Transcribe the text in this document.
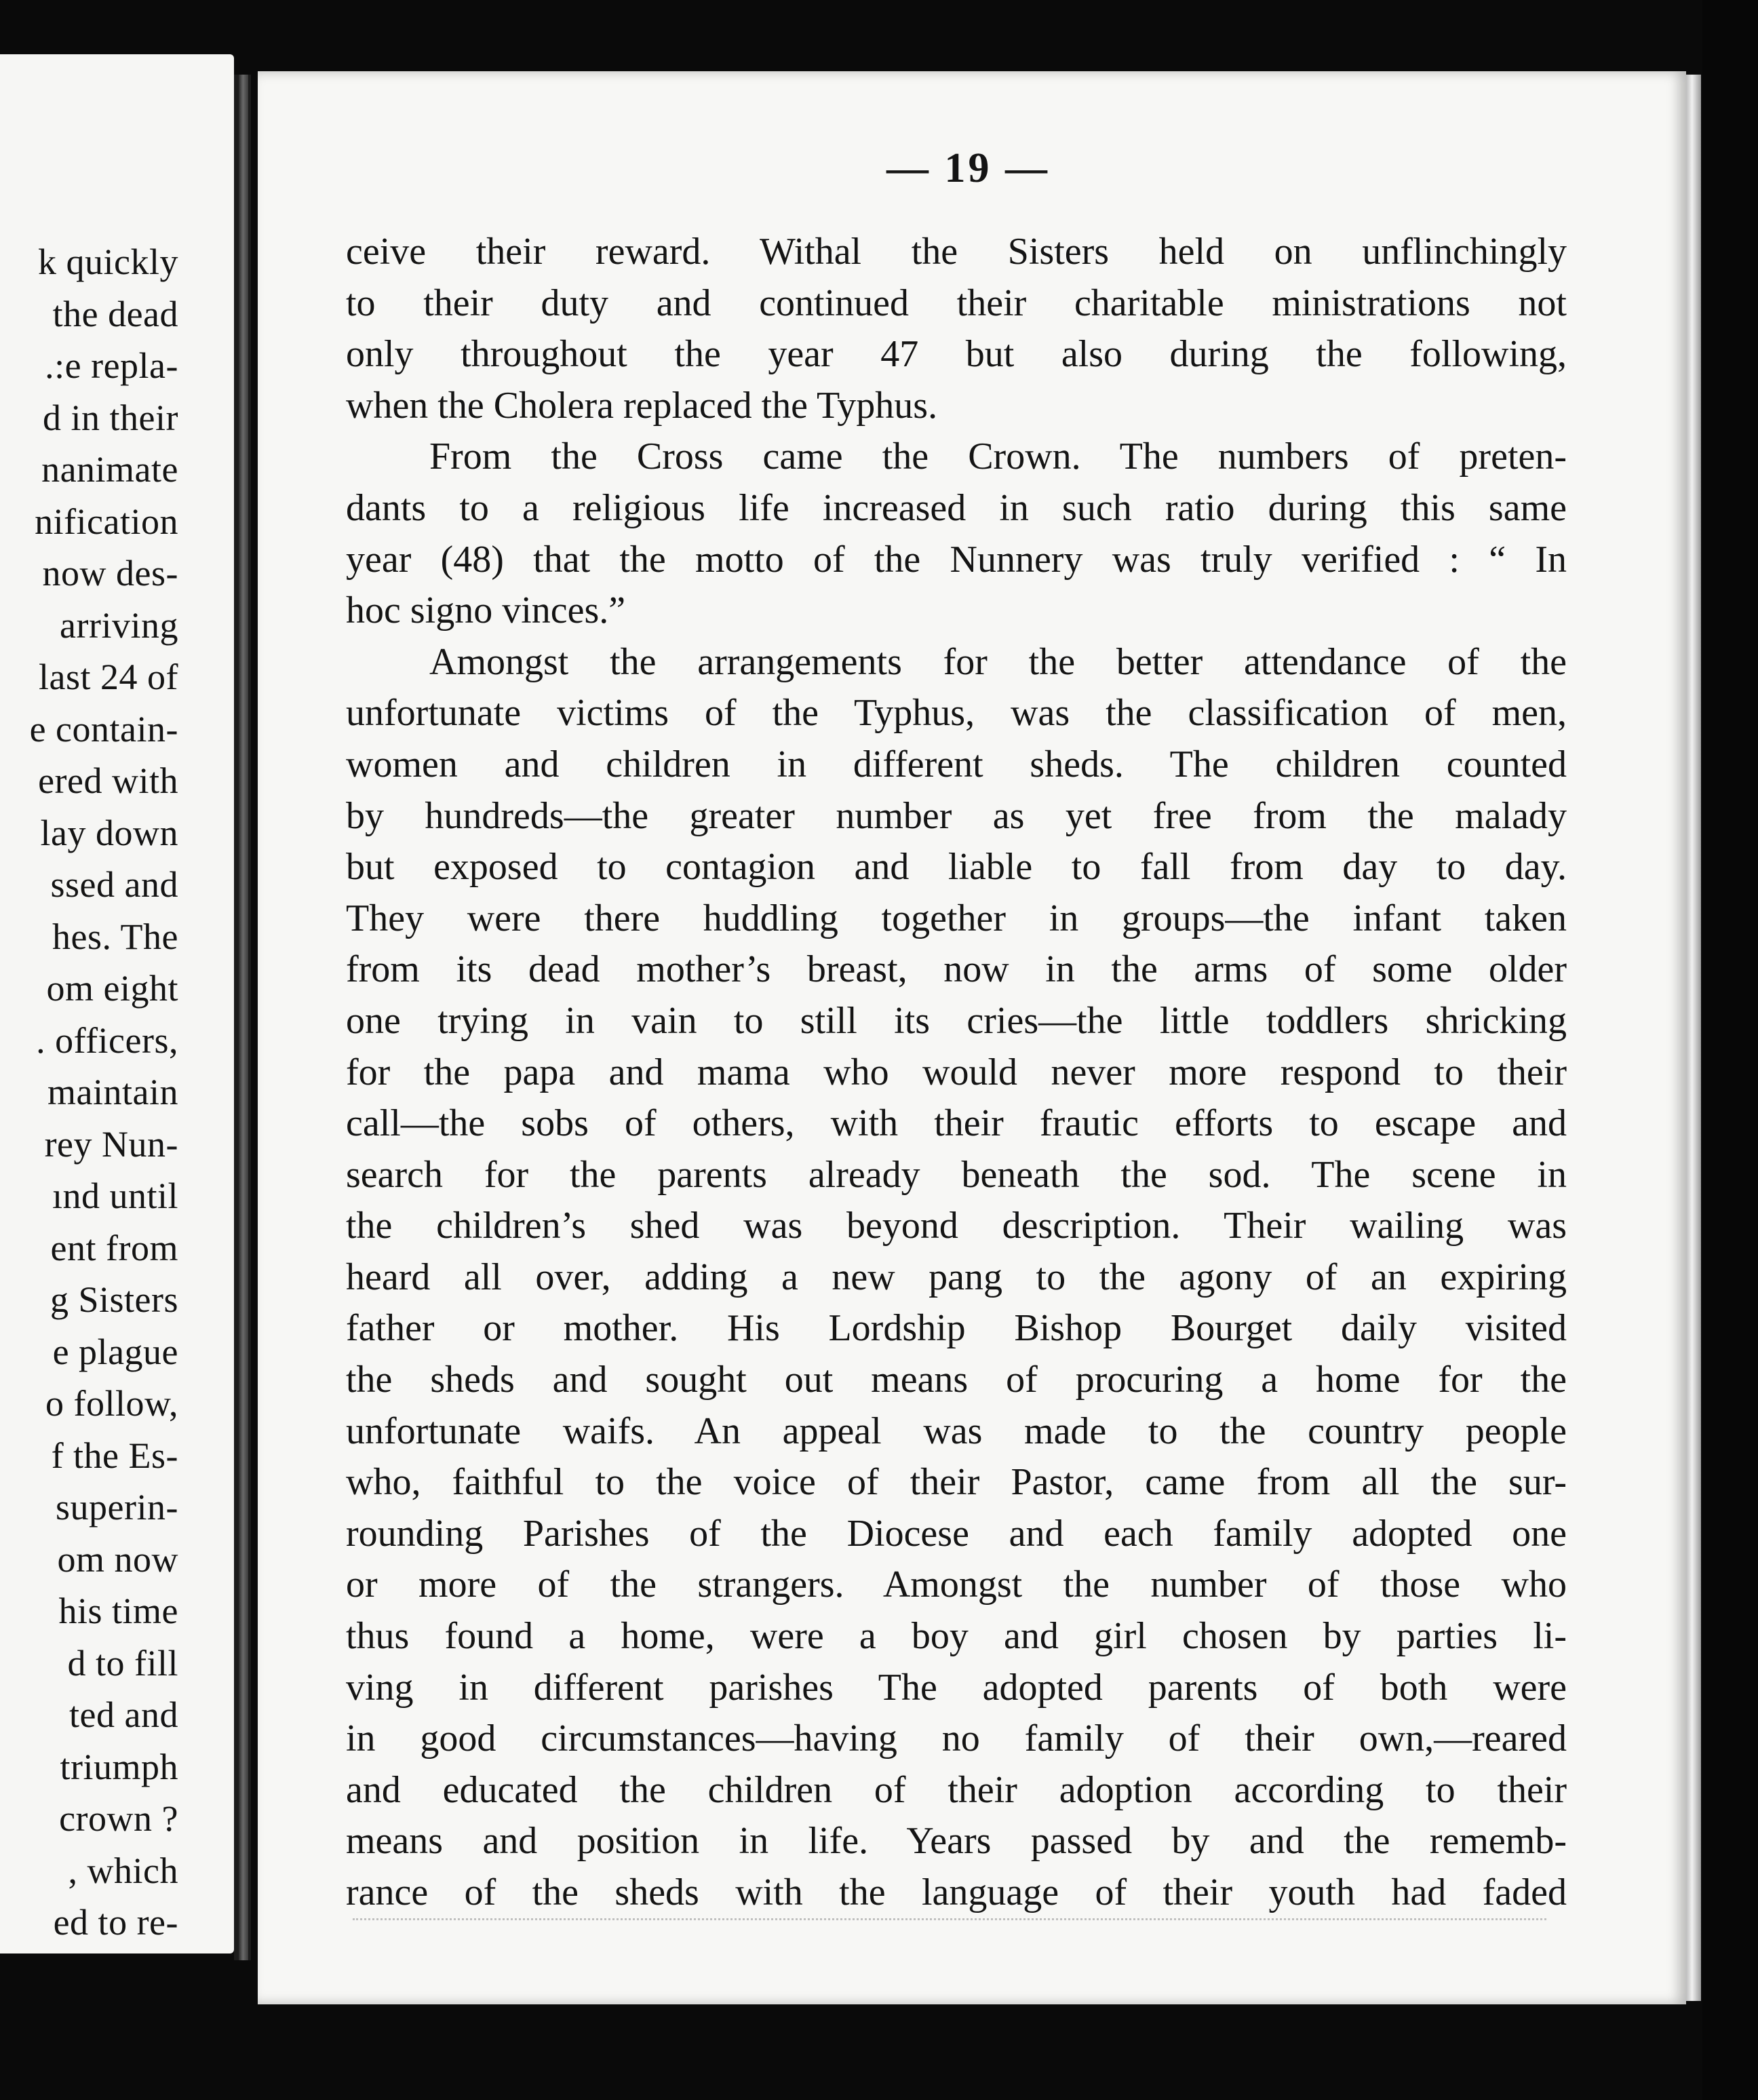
k quickly
the dead
.:e repla-
d in their
nanimate
nification
now des-
arriving
last 24 of
e contain-
ered with
lay down
ssed and
hes. The
om eight
. officers,
maintain
rey Nun-
ınd until
ent from
g Sisters
e plague
o follow,
f the Es-
superin-
om now
his time
d to fill
ted and
triumph
crown ?
, which
ed to re-
— 19 —
ceive their reward. Withal the Sisters held on unflinchingly
to their duty and continued their charitable ministrations not
only throughout the year 47 but also during the following,
when the Cholera replaced the Typhus.
From the Cross came the Crown. The numbers of preten-
dants to a religious life increased in such ratio during this same
year (48) that the motto of the Nunnery was truly verified : “ In
hoc signo vinces.”
Amongst the arrangements for the better attendance of the
unfortunate victims of the Typhus, was the classification of men,
women and children in different sheds. The children counted
by hundreds—the greater number as yet free from the malady
but exposed to contagion and liable to fall from day to day.
They were there huddling together in groups—the infant taken
from its dead mother’s breast, now in the arms of some older
one trying in vain to still its cries—the little toddlers shricking
for the papa and mama who would never more respond to their
call—the sobs of others, with their frautic efforts to escape and
search for the parents already beneath the sod. The scene in
the children’s shed was beyond description. Their wailing was
heard all over, adding a new pang to the agony of an expiring
father or mother. His Lordship Bishop Bourget daily visited
the sheds and sought out means of procuring a home for the
unfortunate waifs. An appeal was made to the country people
who, faithful to the voice of their Pastor, came from all the sur-
rounding Parishes of the Diocese and each family adopted one
or more of the strangers. Amongst the number of those who
thus found a home, were a boy and girl chosen by parties li-
ving in different parishes The adopted parents of both were
in good circumstances—having no family of their own,—reared
and educated the children of their adoption according to their
means and position in life. Years passed by and the rememb-
rance of the sheds with the language of their youth had faded
